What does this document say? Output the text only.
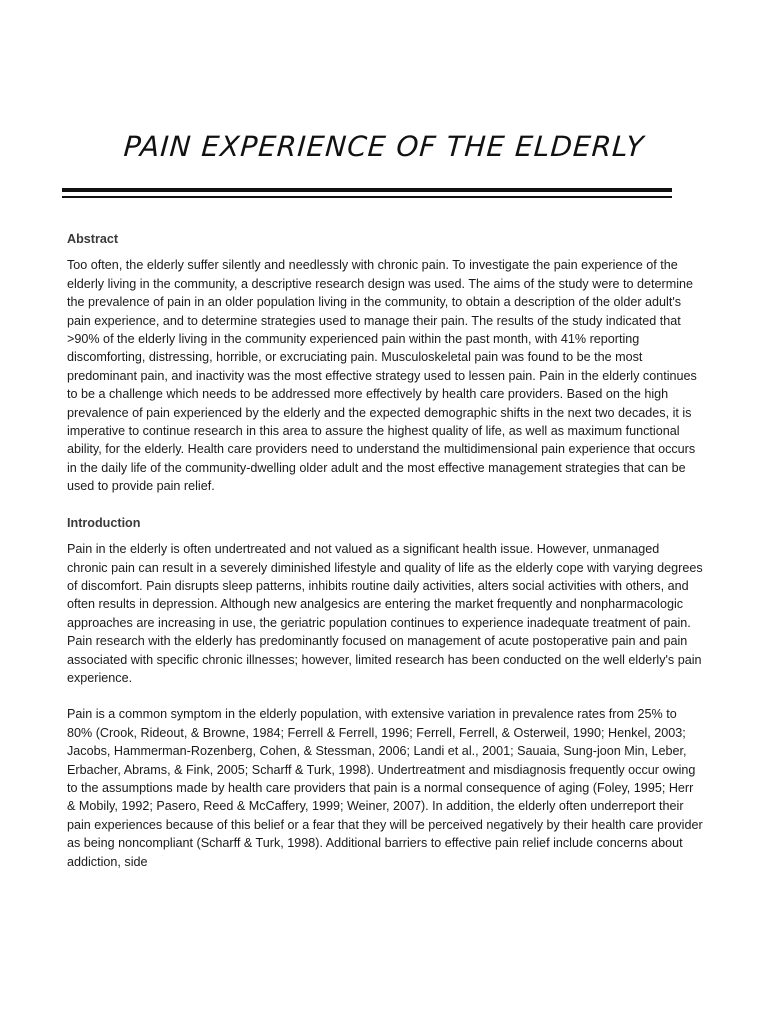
PAIN EXPERIENCE OF THE ELDERLY
Abstract

Too often, the elderly suffer silently and needlessly with chronic pain. To investigate the pain experience of the elderly living in the community, a descriptive research design was used. The aims of the study were to determine the prevalence of pain in an older population living in the community, to obtain a description of the older adult's pain experience, and to determine strategies used to manage their pain. The results of the study indicated that >90% of the elderly living in the community experienced pain within the past month, with 41% reporting discomforting, distressing, horrible, or excruciating pain. Musculoskeletal pain was found to be the most predominant pain, and inactivity was the most effective strategy used to lessen pain. Pain in the elderly continues to be a challenge which needs to be addressed more effectively by health care providers. Based on the high prevalence of pain experienced by the elderly and the expected demographic shifts in the next two decades, it is imperative to continue research in this area to assure the highest quality of life, as well as maximum functional ability, for the elderly. Health care providers need to understand the multidimensional pain experience that occurs in the daily life of the community-dwelling older adult and the most effective management strategies that can be used to provide pain relief.

Introduction

Pain in the elderly is often undertreated and not valued as a significant health issue. However, unmanaged chronic pain can result in a severely diminished lifestyle and quality of life as the elderly cope with varying degrees of discomfort. Pain disrupts sleep patterns, inhibits routine daily activities, alters social activities with others, and often results in depression. Although new analgesics are entering the market frequently and nonpharmacologic approaches are increasing in use, the geriatric population continues to experience inadequate treatment of pain. Pain research with the elderly has predominantly focused on management of acute postoperative pain and pain associated with specific chronic illnesses; however, limited research has been conducted on the well elderly's pain experience.

Pain is a common symptom in the elderly population, with extensive variation in prevalence rates from 25% to 80% (Crook, Rideout, & Browne, 1984; Ferrell & Ferrell, 1996; Ferrell, Ferrell, & Osterweil, 1990; Henkel, 2003; Jacobs, Hammerman-Rozenberg, Cohen, & Stessman, 2006; Landi et al., 2001; Sauaia, Sung-joon Min, Leber, Erbacher, Abrams, & Fink, 2005; Scharff & Turk, 1998). Undertreatment and misdiagnosis frequently occur owing to the assumptions made by health care providers that pain is a normal consequence of aging (Foley, 1995; Herr & Mobily, 1992; Pasero, Reed & McCaffery, 1999; Weiner, 2007). In addition, the elderly often underreport their pain experiences because of this belief or a fear that they will be perceived negatively by their health care provider as being noncompliant (Scharff & Turk, 1998). Additional barriers to effective pain relief include concerns about addiction, side
